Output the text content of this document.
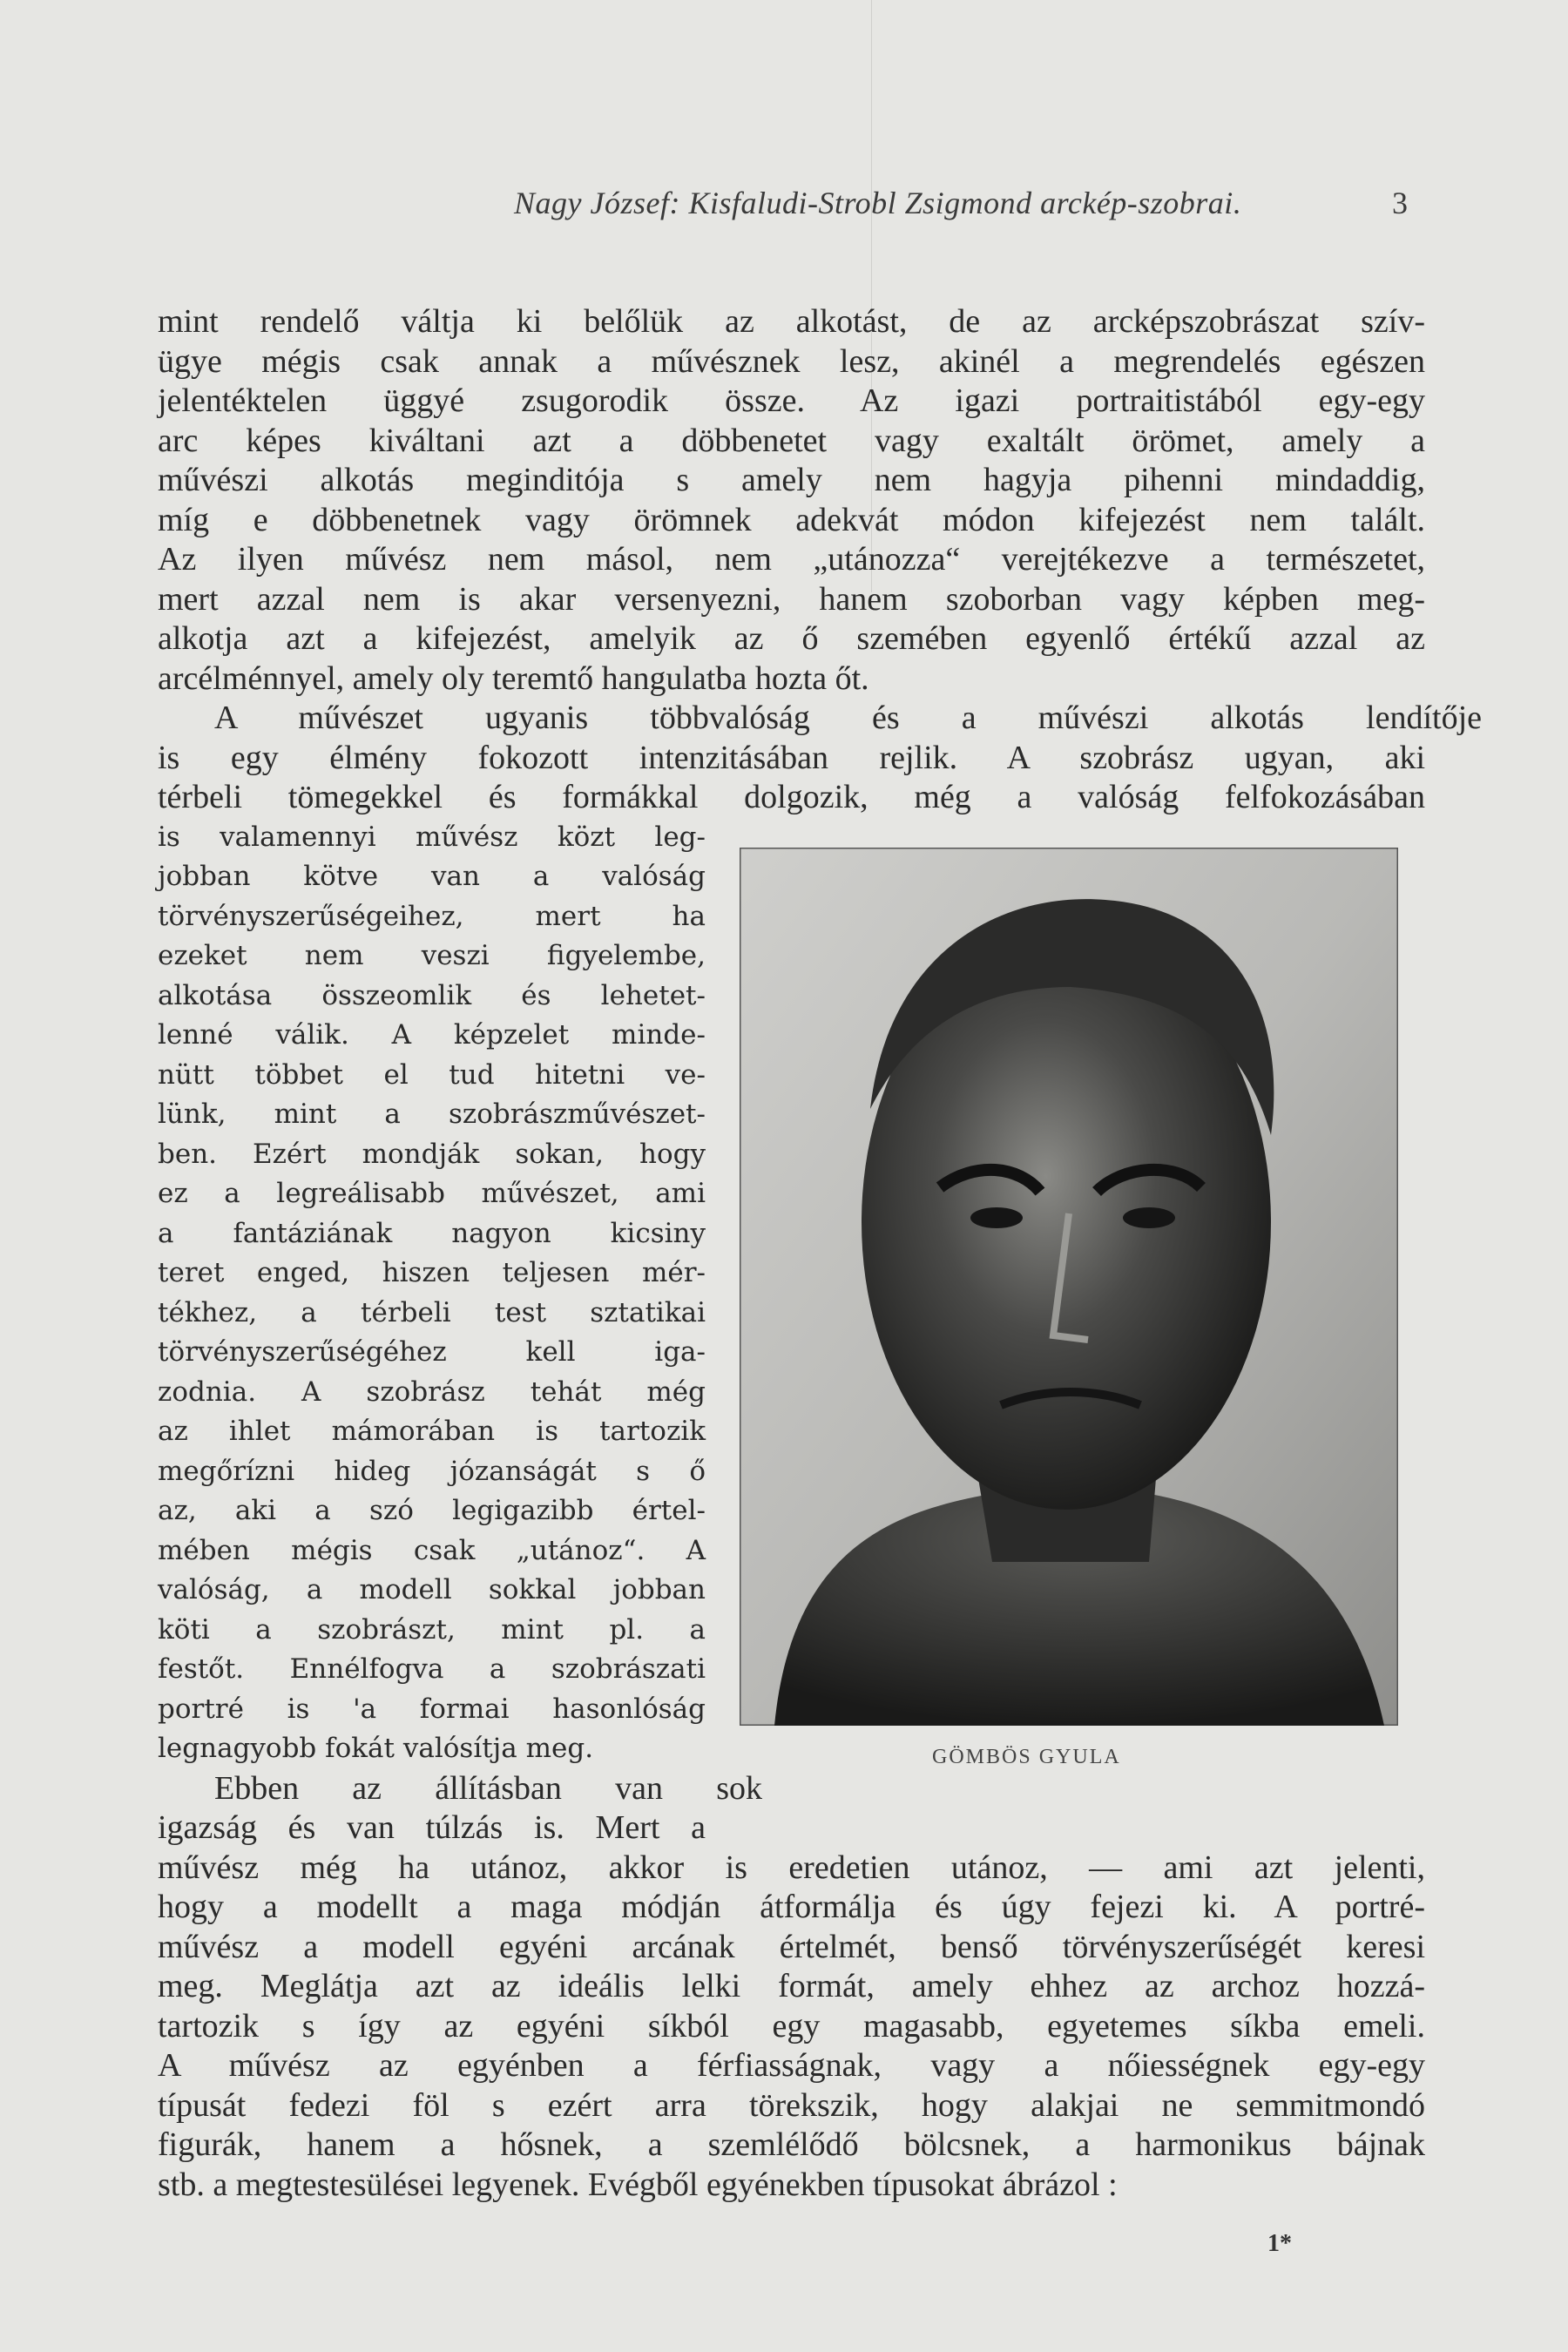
Nagy József: Kisfaludi-Strobl Zsigmond arckép-szobrai.	3
mint rendelő váltja ki belőlük az alkotást, de az arcképszobrászat szív-
ügye mégis csak annak a művésznek lesz, akinél a megrendelés egészen
jelentéktelen üggyé zsugorodik össze. Az igazi portraitistából egy-egy
arc képes kiváltani azt a döbbenetet vagy exaltált örömet, amely a
művészi alkotás meginditója s amely nem hagyja pihenni mindaddig,
míg e döbbenetnek vagy örömnek adekvát módon kifejezést nem talált.
Az ilyen művész nem másol, nem „utánozza“ verejtékezve a természetet,
mert azzal nem is akar versenyezni, hanem szoborban vagy képben meg-
alkotja azt a kifejezést, amelyik az ő szemében egyenlő értékű azzal az
arcélménnyel, amely oly teremtő hangulatba hozta őt.
A művészet ugyanis többvalóság és a művészi alkotás lendítője
is egy élmény fokozott intenzitásában rejlik. A szobrász ugyan, aki
térbeli tömegekkel és formákkal dolgozik, még a valóság felfokozásában
is valamennyi művész közt leg-
jobban kötve van a valóság
törvényszerűségeihez, mert ha
ezeket nem veszi figyelembe,
alkotása összeomlik és lehetet-
lenné válik. A képzelet minde-
nütt többet el tud hitetni ve-
lünk, mint a szobrászművészet-
ben. Ezért mondják sokan, hogy
ez a legreálisabb művészet, ami
a fantáziának nagyon kicsiny
teret enged, hiszen teljesen mér-
tékhez, a térbeli test sztatikai
törvényszerűségéhez kell iga-
zodnia. A szobrász tehát még
az ihlet mámorában is tartozik
megőrízni hideg józanságát s ő
az, aki a szó legigazibb értel-
mében mégis csak „utánoz“. A
valóság, a modell sokkal jobban
köti a szobrászt, mint pl. a
festőt. Ennélfogva a szobrászati
portré is 'a formai hasonlóság
legnagyobb fokát valósítja meg.
Ebben az állításban van sok
igazság és van túlzás is. Mert a
művész még ha utánoz, akkor is eredetien utánoz, — ami azt jelenti,
hogy a modellt a maga módján átformálja és úgy fejezi ki. A portré-
művész a modell egyéni arcának értelmét, benső törvényszerűségét keresi
meg. Meglátja azt az ideális lelki formát, amely ehhez az archoz hozzá-
tartozik s így az egyéni síkból egy magasabb, egyetemes síkba emeli.
A művész az egyénben a férfiasságnak, vagy a nőiességnek egy-egy
típusát fedezi föl s ezért arra törekszik, hogy alakjai ne semmitmondó
figurák, hanem a hősnek, a szemlélődő bölcsnek, a harmonikus bájnak
stb. a megtestesülései legyenek. Evégből egyénekben típusokat ábrázol :
GÖMBÖS GYULA
1*
